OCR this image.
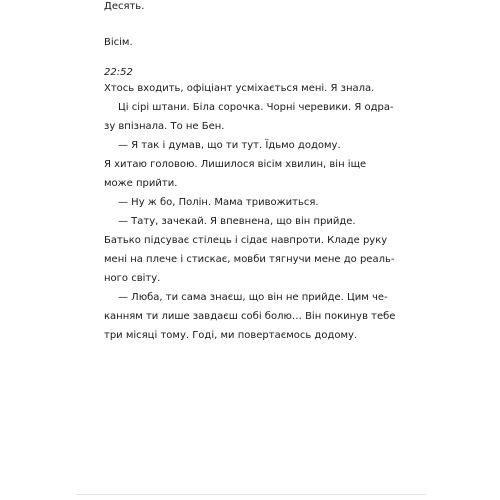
Десять.

Вісім.

22:52

Хтось входить, офіціант усміхається мені. Я знала.
Ці сірі штани. Біла сорочка. Чорні черевики. Я одра-
зу впізнала. То не Бен.
— Я так і думав, що ти тут. Їдьмо додому.
Я хитаю головою. Лишилося вісім хвилин, він іще
може прийти.
— Ну ж бо, Полін. Мама тривожиться.
— Тату, зачекай. Я впевнена, що він прийде.
Батько підсуває стілець і сідає навпроти. Кладе руку
мені на плече і стискає, мовби тягнучи мене до реаль-
ного світу.
— Люба, ти сама знаєш, що він не прийде. Цим че-
канням ти лише завдаєш собі болю… Він покинув тебе
три місяці тому. Годі, ми повертаємось додому.
